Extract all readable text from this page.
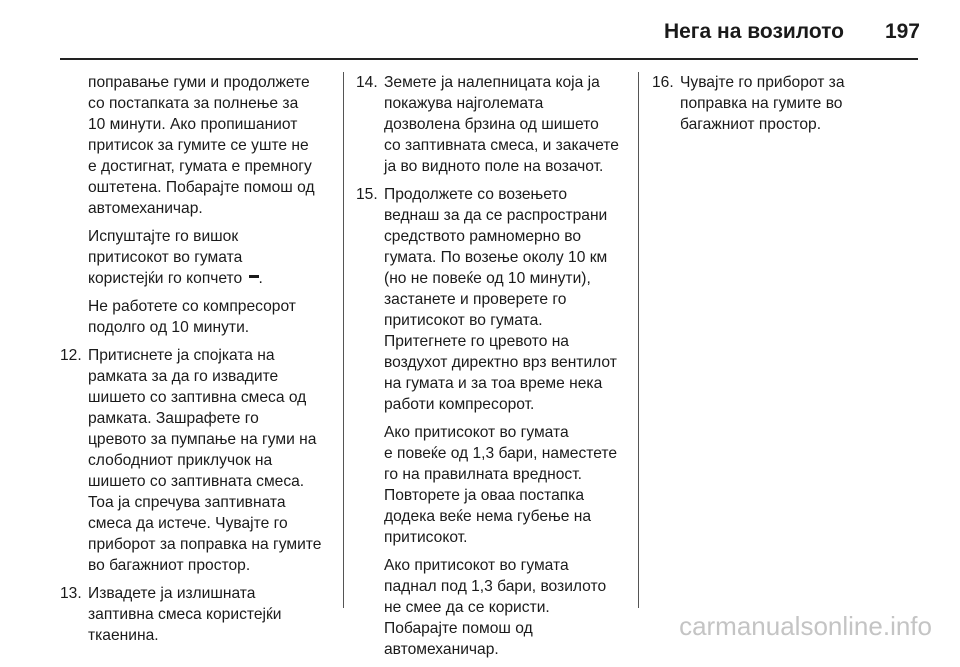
Нега на возилото 197
поправање гуми и продолжете
со постапката за полнење за
10 минути. Ако пропишаниот
притисок за гумите се уште не
е достигнат, гумата е премногу
оштетена. Побарајте помош од
автомеханичар.
Испуштајте го вишок
притисокот во гумата
користејќи го копчето .
Не работете со компресорот
подолго од 10 минути.
12. Притиснете ја спојката на
рамката за да го извадите
шишето со заптивна смеса од
рамката. Зашрафете го
цревото за пумпање на гуми на
слободниот приклучок на
шишето со заптивната смеса.
Тоа ја спречува заптивната
смеса да истече. Чувајте го
приборот за поправка на гумите
во багажниот простор.
13. Извадете ја излишната
заптивна смеса користејќи
ткаенина.
14. Земете ја налепницата која ја
покажува најголемата
дозволена брзина од шишето
со заптивната смеса, и закачете
ја во видното поле на возачот.
15. Продолжете со возењето
веднаш за да се распространи
средството рамномерно во
гумата. По возење околу 10 км
(но не повеќе од 10 минути),
застанете и проверете го
притисокот во гумата.
Притегнете го цревото на
воздухот директно врз вентилот
на гумата и за тоа време нека
работи компресорот.
Ако притисокот во гумата
е повеќе од 1,3 бари, наместете
го на правилната вредност.
Повторете ја оваа постапка
додека веќе нема губење на
притисокот.
Ако притисокот во гумата
паднал под 1,3 бари, возилото
не смее да се користи.
Побарајте помош од
автомеханичар.
16. Чувајте го приборот за
поправка на гумите во
багажниот простор.
carmanualsonline.info
